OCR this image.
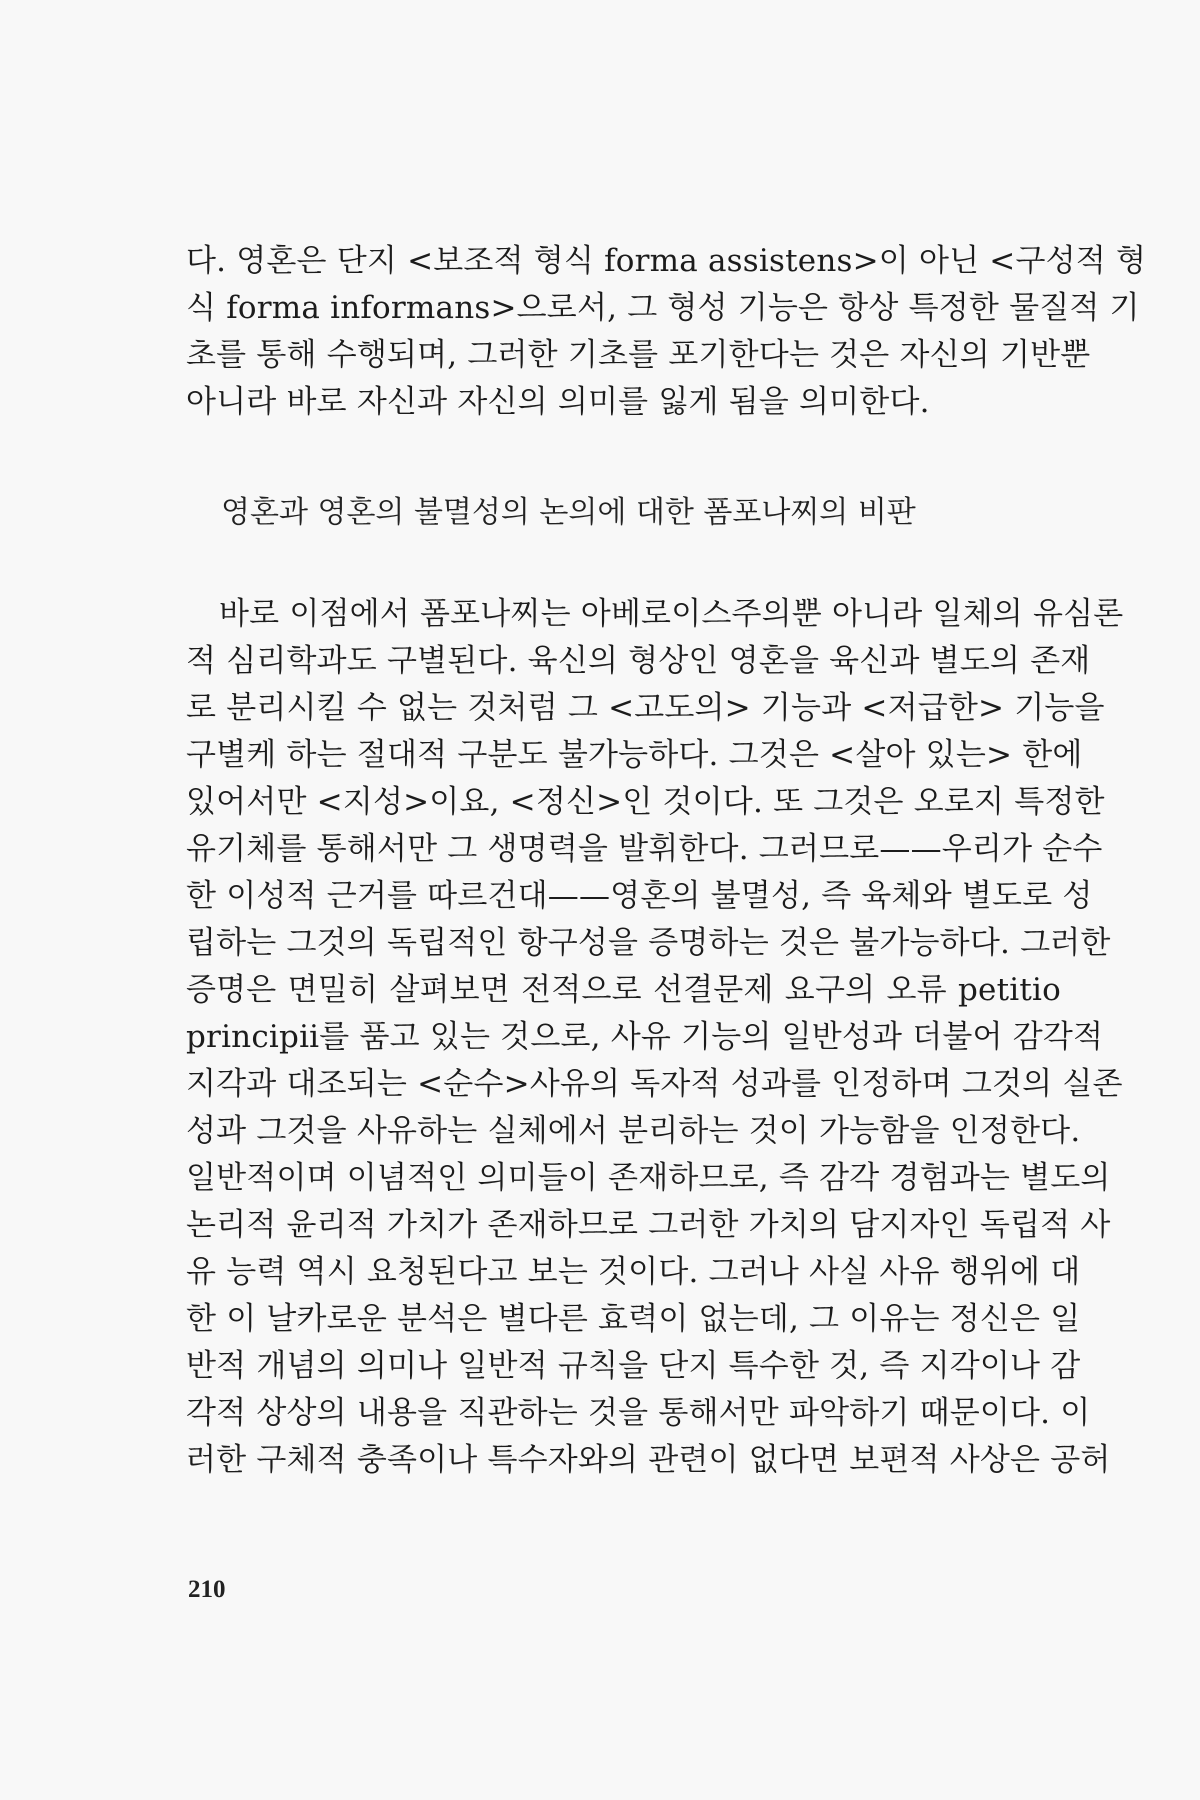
다. 영혼은 단지 <보조적 형식 forma assistens>이 아닌 <구성적 형
식 forma informans>으로서, 그 형성 기능은 항상 특정한 물질적 기
초를 통해 수행되며, 그러한 기초를 포기한다는 것은 자신의 기반뿐
아니라 바로 자신과 자신의 의미를 잃게 됨을 의미한다.
영혼과 영혼의 불멸성의 논의에 대한 폼포나찌의 비판
바로 이점에서 폼포나찌는 아베로이스주의뿐 아니라 일체의 유심론
적 심리학과도 구별된다. 육신의 형상인 영혼을 육신과 별도의 존재
로 분리시킬 수 없는 것처럼 그 <고도의> 기능과 <저급한> 기능을
구별케 하는 절대적 구분도 불가능하다. 그것은 <살아 있는> 한에
있어서만 <지성>이요, <정신>인 것이다. 또 그것은 오로지 특정한
유기체를 통해서만 그 생명력을 발휘한다. 그러므로——우리가 순수
한 이성적 근거를 따르건대——영혼의 불멸성, 즉 육체와 별도로 성
립하는 그것의 독립적인 항구성을 증명하는 것은 불가능하다. 그러한
증명은 면밀히 살펴보면 전적으로 선결문제 요구의 오류 petitio
principii를 품고 있는 것으로, 사유 기능의 일반성과 더불어 감각적
지각과 대조되는 <순수>사유의 독자적 성과를 인정하며 그것의 실존
성과 그것을 사유하는 실체에서 분리하는 것이 가능함을 인정한다.
일반적이며 이념적인 의미들이 존재하므로, 즉 감각 경험과는 별도의
논리적 윤리적 가치가 존재하므로 그러한 가치의 담지자인 독립적 사
유 능력 역시 요청된다고 보는 것이다. 그러나 사실 사유 행위에 대
한 이 날카로운 분석은 별다른 효력이 없는데, 그 이유는 정신은 일
반적 개념의 의미나 일반적 규칙을 단지 특수한 것, 즉 지각이나 감
각적 상상의 내용을 직관하는 것을 통해서만 파악하기 때문이다. 이
러한 구체적 충족이나 특수자와의 관련이 없다면 보편적 사상은 공허
210
